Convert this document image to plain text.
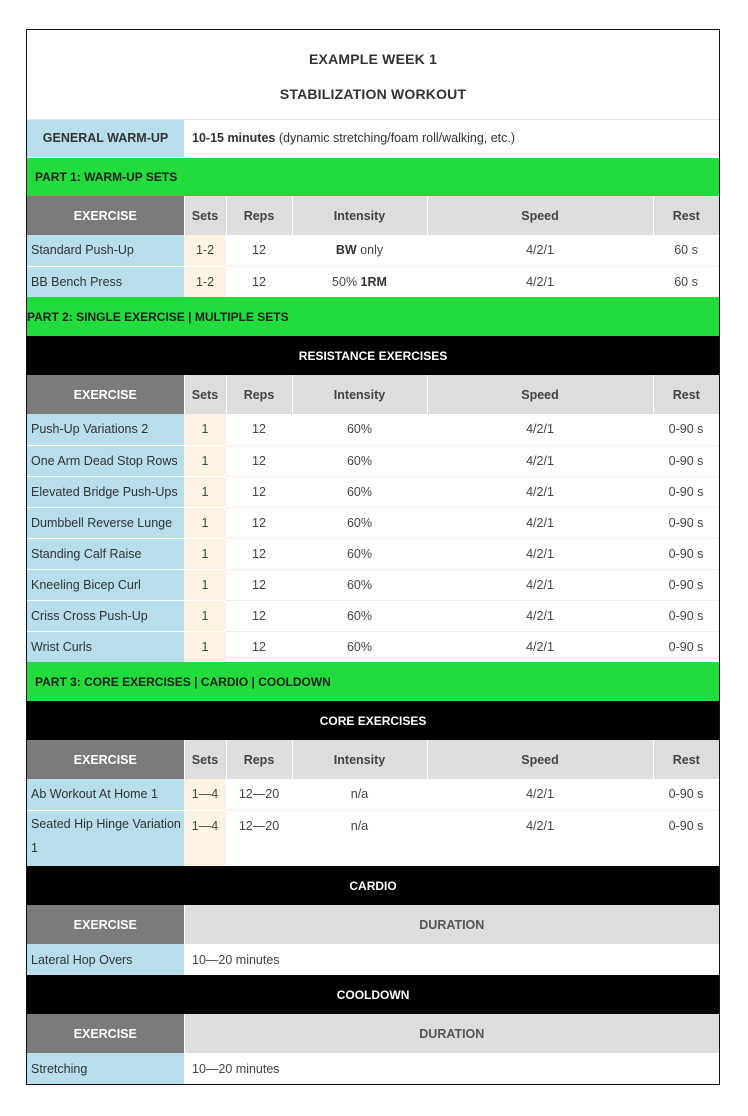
EXAMPLE WEEK 1					
STABILIZATION WORKOUT					
GENERAL WARM-UP	10-15 minutes (dynamic stretching/foam roll/walking, etc.)				
PART 1: WARM-UP SETS					
EXERCISE	Sets	Reps	Intensity	Speed	Rest
Standard Push-Up	1-2	12	BW only	4/2/1	60 s
BB Bench Press	1-2	12	50% 1RM	4/2/1	60 s
PART 2: SINGLE EXERCISE | MULTIPLE SETS					
RESISTANCE EXERCISES					
EXERCISE	Sets	Reps	Intensity	Speed	Rest
Push-Up Variations 2	1	12	60%	4/2/1	0-90 s
One Arm Dead Stop Rows	1	12	60%	4/2/1	0-90 s
Elevated Bridge Push-Ups	1	12	60%	4/2/1	0-90 s
Dumbbell Reverse Lunge	1	12	60%	4/2/1	0-90 s
Standing Calf Raise	1	12	60%	4/2/1	0-90 s
Kneeling Bicep Curl	1	12	60%	4/2/1	0-90 s
Criss Cross Push-Up	1	12	60%	4/2/1	0-90 s
Wrist Curls	1	12	60%	4/2/1	0-90 s
PART 3: CORE EXERCISES | CARDIO | COOLDOWN					
CORE EXERCISES					
EXERCISE	Sets	Reps	Intensity	Speed	Rest
Ab Workout At Home 1	1—4	12—20	n/a	4/2/1	0-90 s
Seated Hip Hinge Variation 1	1—4	12—20	n/a	4/2/1	0-90 s
CARDIO					
EXERCISE	DURATION				
Lateral Hop Overs	10—20 minutes				
COOLDOWN					
EXERCISE	DURATION				
Stretching	10—20 minutes				
